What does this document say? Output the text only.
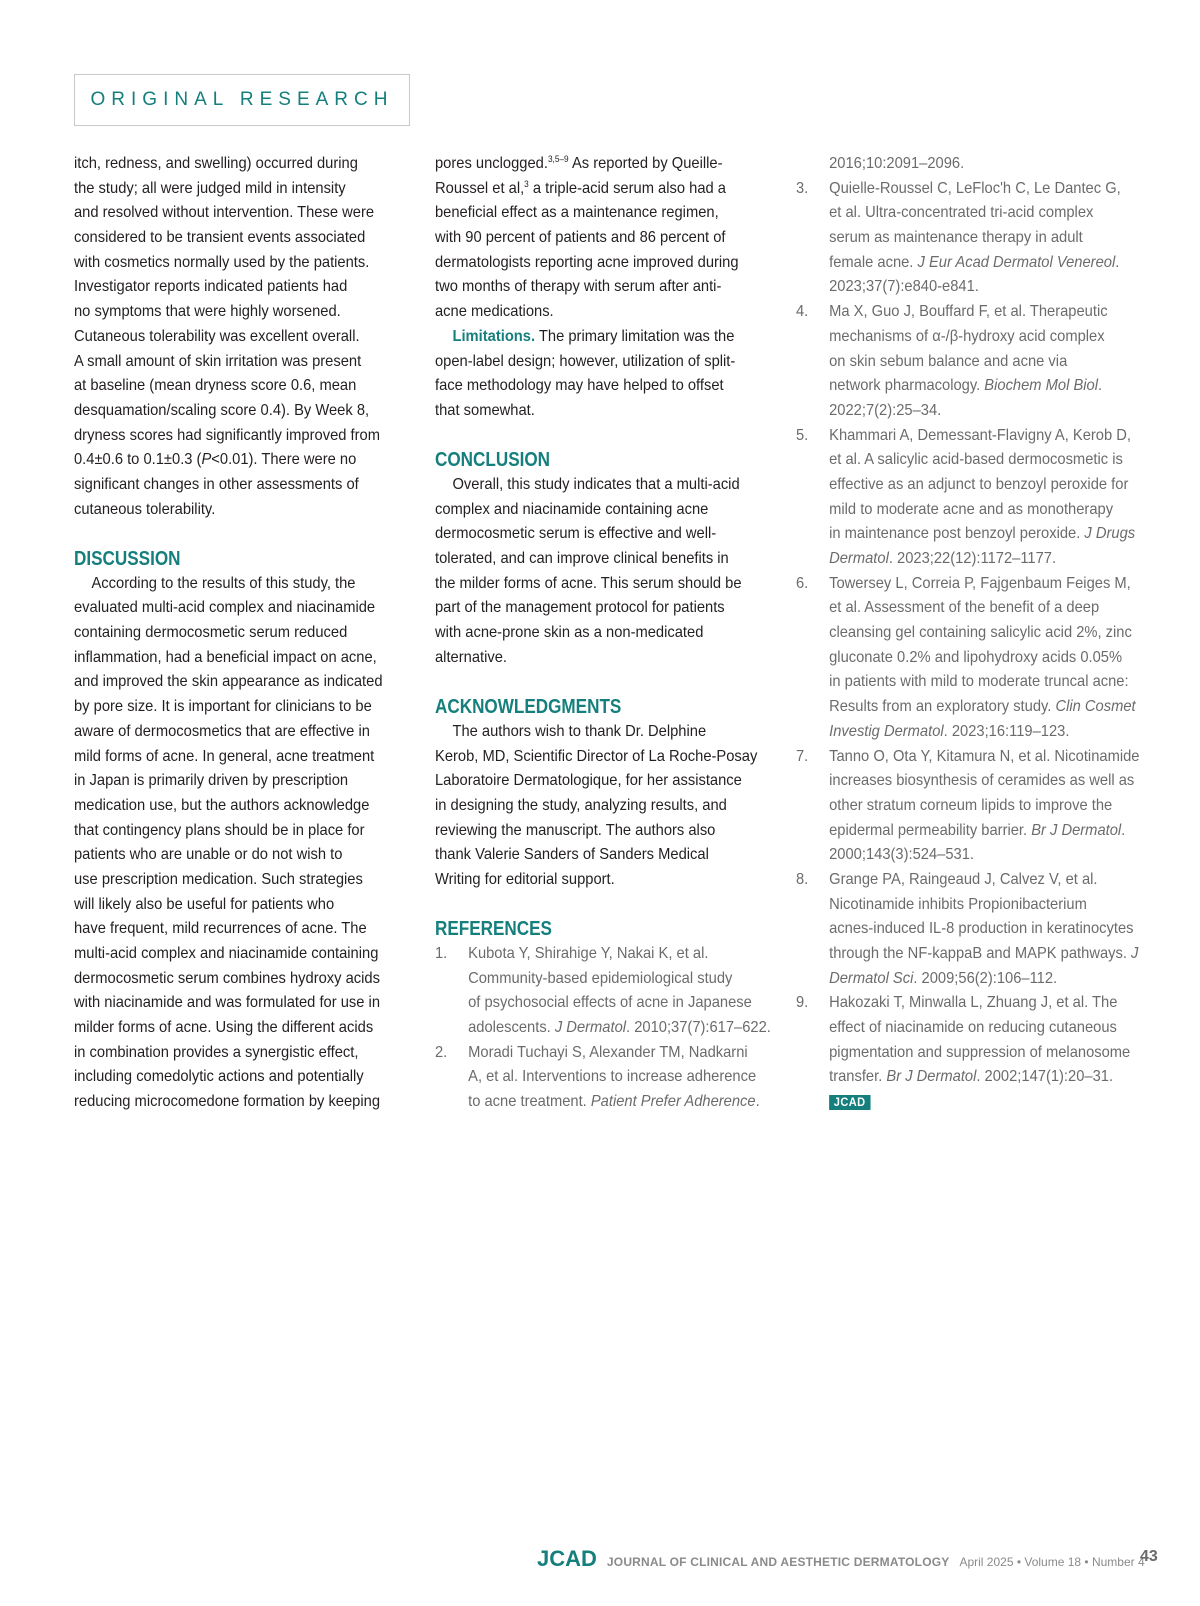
ORIGINAL RESEARCH
itch, redness, and swelling) occurred during
the study; all were judged mild in intensity
and resolved without intervention. These were
considered to be transient events associated
with cosmetics normally used by the patients.
Investigator reports indicated patients had
no symptoms that were highly worsened.
Cutaneous tolerability was excellent overall.
A small amount of skin irritation was present
at baseline (mean dryness score 0.6, mean
desquamation/scaling score 0.4). By Week 8,
dryness scores had significantly improved from
0.4±0.6 to 0.1±0.3 (P<0.01). There were no
significant changes in other assessments of
cutaneous tolerability.
DISCUSSION
According to the results of this study, the
evaluated multi-acid complex and niacinamide
containing dermocosmetic serum reduced
inflammation, had a beneficial impact on acne,
and improved the skin appearance as indicated
by pore size. It is important for clinicians to be
aware of dermocosmetics that are effective in
mild forms of acne. In general, acne treatment
in Japan is primarily driven by prescription
medication use, but the authors acknowledge
that contingency plans should be in place for
patients who are unable or do not wish to
use prescription medication. Such strategies
will likely also be useful for patients who
have frequent, mild recurrences of acne. The
multi-acid complex and niacinamide containing
dermocosmetic serum combines hydroxy acids
with niacinamide and was formulated for use in
milder forms of acne. Using the different acids
in combination provides a synergistic effect,
including comedolytic actions and potentially
reducing microcomedone formation by keeping
pores unclogged.$^{3,5-9}$ As reported by Queille-
Roussel et al,$^3$ a triple-acid serum also had a
beneficial effect as a maintenance regimen,
with 90 percent of patients and 86 percent of
dermatologists reporting acne improved during
two months of therapy with serum after anti-
acne medications.
Limitations. The primary limitation was the
open-label design; however, utilization of split-
face methodology may have helped to offset
that somewhat.
CONCLUSION
Overall, this study indicates that a multi-acid
complex and niacinamide containing acne
dermocosmetic serum is effective and well-
tolerated, and can improve clinical benefits in
the milder forms of acne. This serum should be
part of the management protocol for patients
with acne-prone skin as a non-medicated
alternative.
ACKNOWLEDGMENTS
The authors wish to thank Dr. Delphine
Kerob, MD, Scientific Director of La Roche-Posay
Laboratoire Dermatologique, for her assistance
in designing the study, analyzing results, and
reviewing the manuscript. The authors also
thank Valerie Sanders of Sanders Medical
Writing for editorial support.
REFERENCES
1.	Kubota Y, Shirahige Y, Nakai K, et al.
Community-based epidemiological study
of psychosocial effects of acne in Japanese
adolescents. J Dermatol. 2010;37(7):617–622.
2.	Moradi Tuchayi S, Alexander TM, Nadkarni
A, et al. Interventions to increase adherence
to acne treatment. Patient Prefer Adherence.
2016;10:2091–2096.
3.	Quielle-Roussel C, LeFloc'h C, Le Dantec G,
et al. Ultra-concentrated tri-acid complex
serum as maintenance therapy in adult
female acne. J Eur Acad Dermatol Venereol.
2023;37(7):e840-e841.
4.	Ma X, Guo J, Bouffard F, et al. Therapeutic
mechanisms of α-/β-hydroxy acid complex
on skin sebum balance and acne via
network pharmacology. Biochem Mol Biol.
2022;7(2):25–34.
5.	Khammari A, Demessant-Flavigny A, Kerob D,
et al. A salicylic acid-based dermocosmetic is
effective as an adjunct to benzoyl peroxide for
mild to moderate acne and as monotherapy
in maintenance post benzoyl peroxide. J Drugs
Dermatol. 2023;22(12):1172–1177.
6.	Towersey L, Correia P, Fajgenbaum Feiges M,
et al. Assessment of the benefit of a deep
cleansing gel containing salicylic acid 2%, zinc
gluconate 0.2% and lipohydroxy acids 0.05%
in patients with mild to moderate truncal acne:
Results from an exploratory study. Clin Cosmet
Investig Dermatol. 2023;16:119–123.
7.	Tanno O, Ota Y, Kitamura N, et al. Nicotinamide
increases biosynthesis of ceramides as well as
other stratum corneum lipids to improve the
epidermal permeability barrier. Br J Dermatol.
2000;143(3):524–531.
8.	Grange PA, Raingeaud J, Calvez V, et al.
Nicotinamide inhibits Propionibacterium
acnes-induced IL-8 production in keratinocytes
through the NF-kappaB and MAPK pathways. J
Dermatol Sci. 2009;56(2):106–112.
9.	Hakozaki T, Minwalla L, Zhuang J, et al. The
effect of niacinamide on reducing cutaneous
pigmentation and suppression of melanosome
transfer. Br J Dermatol. 2002;147(1):20–31.
JCAD
JCAD JOURNAL OF CLINICAL AND AESTHETIC DERMATOLOGY April 2025 • Volume 18 • Number 4
43
